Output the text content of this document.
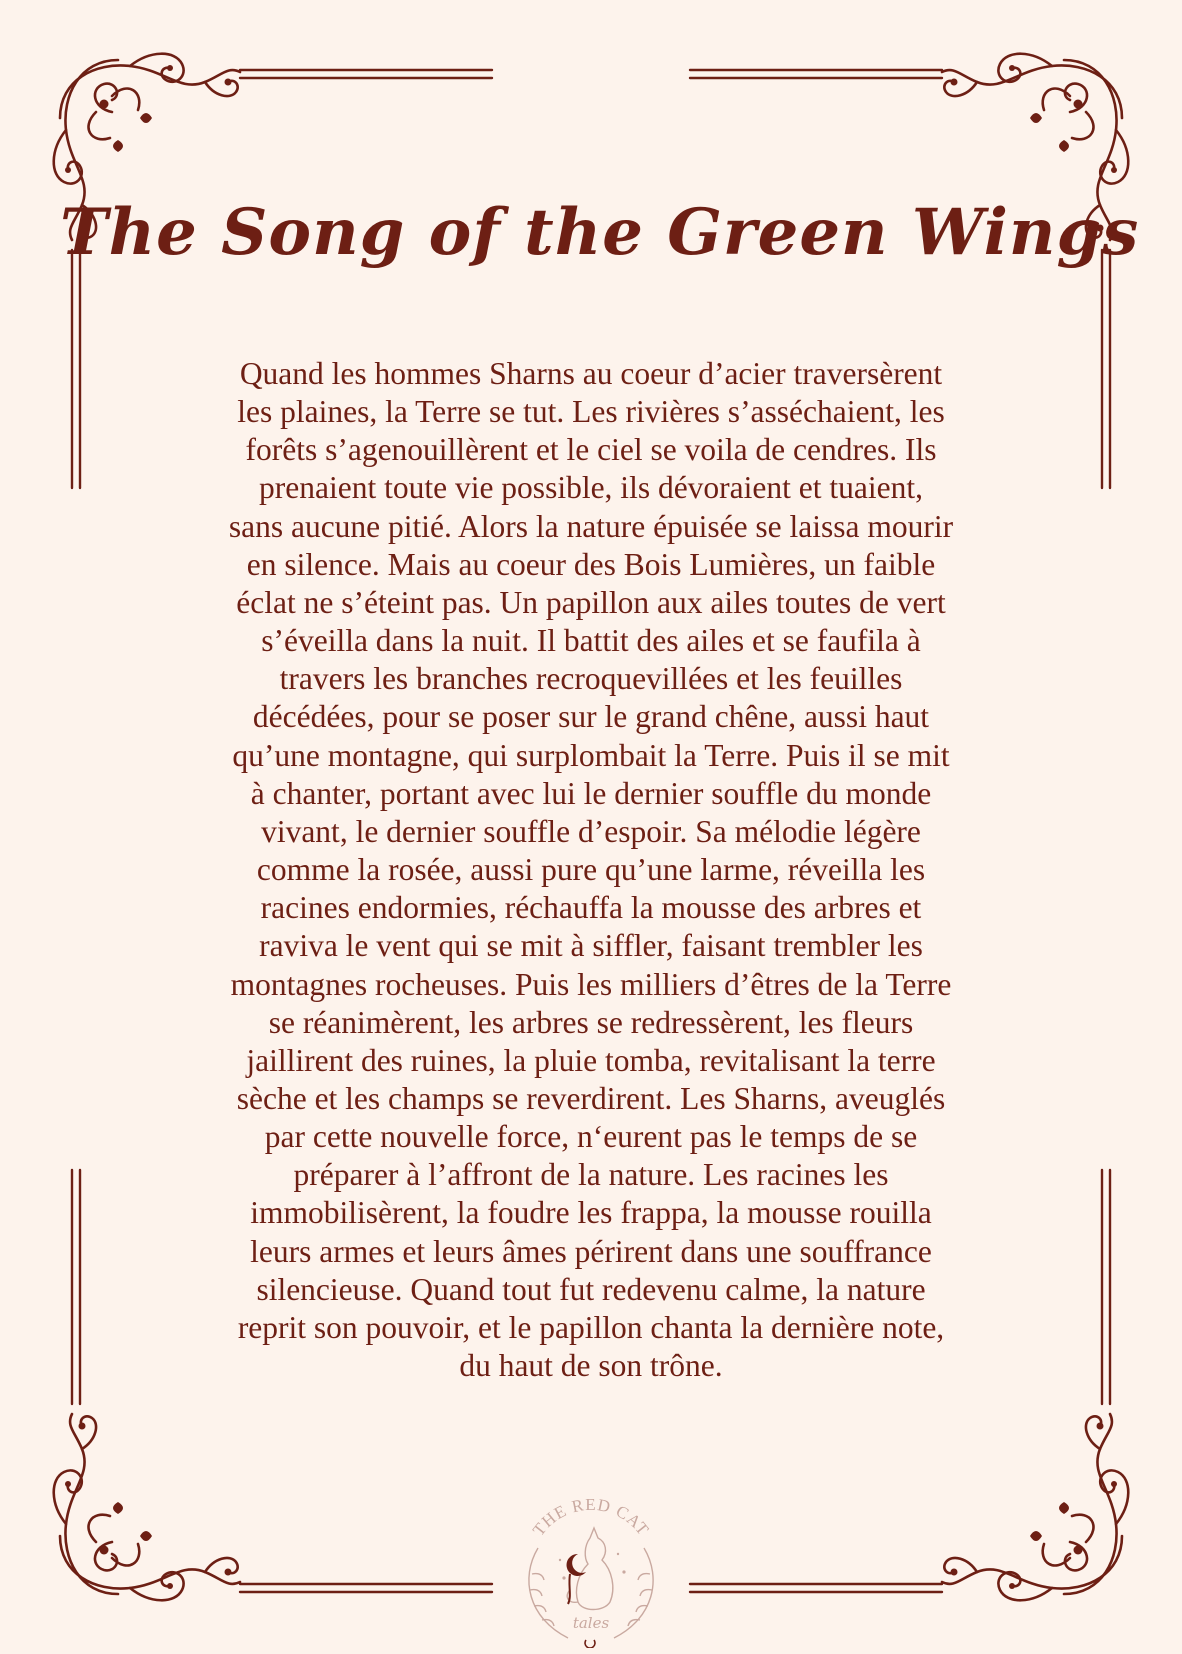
The Song of the Green Wings

Quand les hommes Sharns au coeur d’acier traversèrent

les plaines, la Terre se tut. Les rivières s’asséchaient, les

forêts s’agenouillèrent et le ciel se voila de cendres. Ils

prenaient toute vie possible, ils dévoraient et tuaient,

sans aucune pitié. Alors la nature épuisée se laissa mourir

en silence. Mais au coeur des Bois Lumières, un faible

éclat ne s’éteint pas. Un papillon aux ailes toutes de vert

s’éveilla dans la nuit. Il battit des ailes et se faufila à

travers les branches recroquevillées et les feuilles

décédées, pour se poser sur le grand chêne, aussi haut

qu’une montagne, qui surplombait la Terre. Puis il se mit

à chanter, portant avec lui le dernier souffle du monde

vivant, le dernier souffle d’espoir. Sa mélodie légère

comme la rosée, aussi pure qu’une larme, réveilla les

racines endormies, réchauffa la mousse des arbres et

raviva le vent qui se mit à siffler, faisant trembler les

montagnes rocheuses. Puis les milliers d’êtres de la Terre

se réanimèrent, les arbres se redressèrent, les fleurs

jaillirent des ruines, la pluie tomba, revitalisant la terre

sèche et les champs se reverdirent. Les Sharns, aveuglés

par cette nouvelle force, n‘eurent pas le temps de se

préparer à l’affront de la nature. Les racines les

immobilisèrent, la foudre les frappa, la mousse rouilla

leurs armes et leurs âmes périrent dans une souffrance

silencieuse. Quand tout fut redevenu calme, la nature

reprit son pouvoir, et le papillon chanta la dernière note,

du haut de son trône.

THE RED CAT
tales
